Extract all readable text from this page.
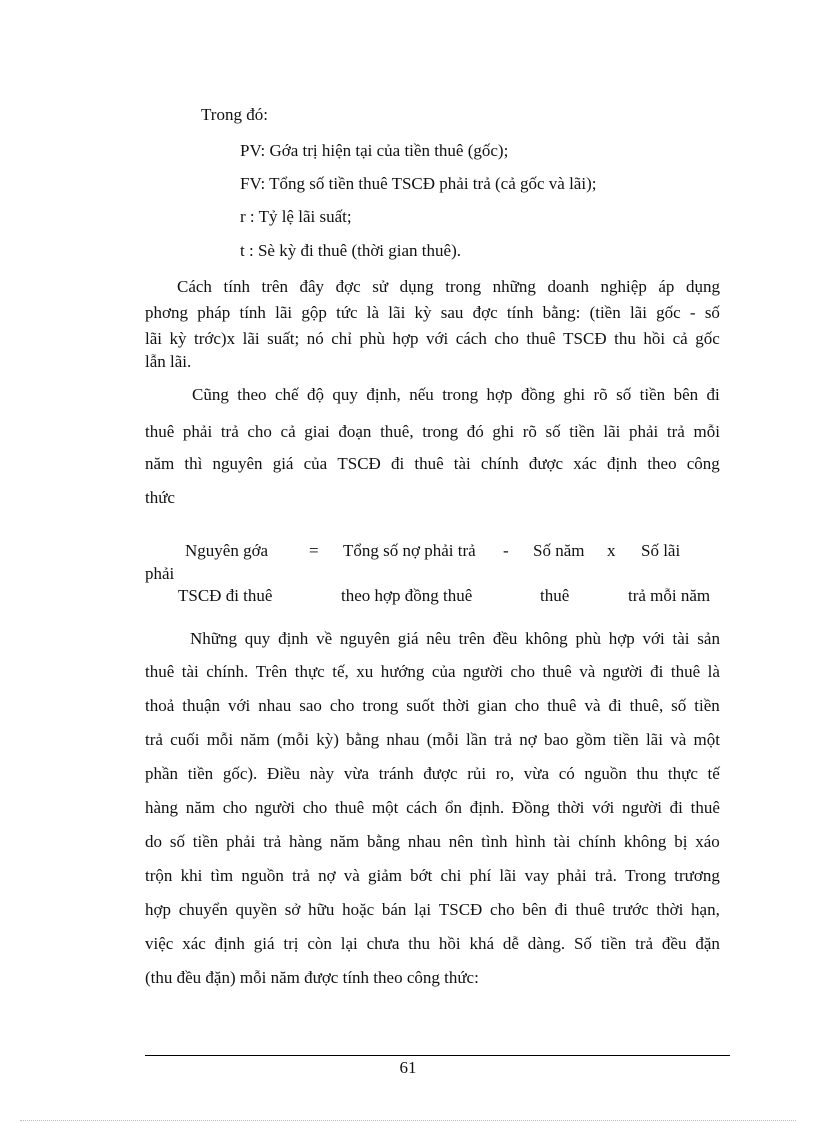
Trong đó:
PV: Gớa trị hiện tại của tiền thuê (gốc);
FV: Tổng số tiền thuê TSCĐ phải trả (cả gốc và lãi);
r : Tỷ lệ lãi suất;
t : Sè kỳ đi thuê (thời gian thuê).
Cách tính trên đây đợc sử dụng trong những doanh nghiệp áp dụng
phơng pháp tính lãi gộp tức là lãi kỳ sau đợc tính bằng: (tiền lãi gốc - số
lãi kỳ trớc)x lãi suất; nó chỉ phù hợp với cách cho thuê TSCĐ thu hồi cả gốc
lẫn lãi.
Cũng theo chế độ quy định, nếu trong hợp đồng ghi rõ số tiền bên đi
thuê phải trả cho cả giai đoạn thuê, trong đó ghi rõ số tiền lãi phải trả mỗi
năm thì nguyên giá của TSCĐ đi thuê tài chính được xác định theo công
thức
Nguyên gớa = Tổng số nợ phải trả - Số năm x Số lãi
phải
TSCĐ đi thuê	theo hợp đồng thuê	thuê	trả mỗi năm
Những quy định về nguyên giá nêu trên đều không phù hợp với tài sản
thuê tài chính. Trên thực tế, xu hướng của người cho thuê và người đi thuê là
thoả thuận với nhau sao cho trong suốt thời gian cho thuê và đi thuê, số tiền
trả cuối mỗi năm (mỗi kỳ) bằng nhau (mỗi lần trả nợ bao gồm tiền lãi và một
phần tiền gốc). Điều này vừa tránh được rủi ro, vừa có nguồn thu thực tế
hàng năm cho người cho thuê một cách ổn định. Đồng thời với người đi thuê
do số tiền phải trả hàng năm bằng nhau nên tình hình tài chính không bị xáo
trộn khi tìm nguồn trả nợ và giảm bớt chi phí lãi vay phải trả. Trong trương
hợp chuyển quyền sở hữu hoặc bán lại TSCĐ cho bên đi thuê trước thời hạn,
việc xác định giá trị còn lại chưa thu hồi khá dễ dàng. Số tiền trả đều đặn
(thu đều đặn) mỗi năm được tính theo công thức:
61
